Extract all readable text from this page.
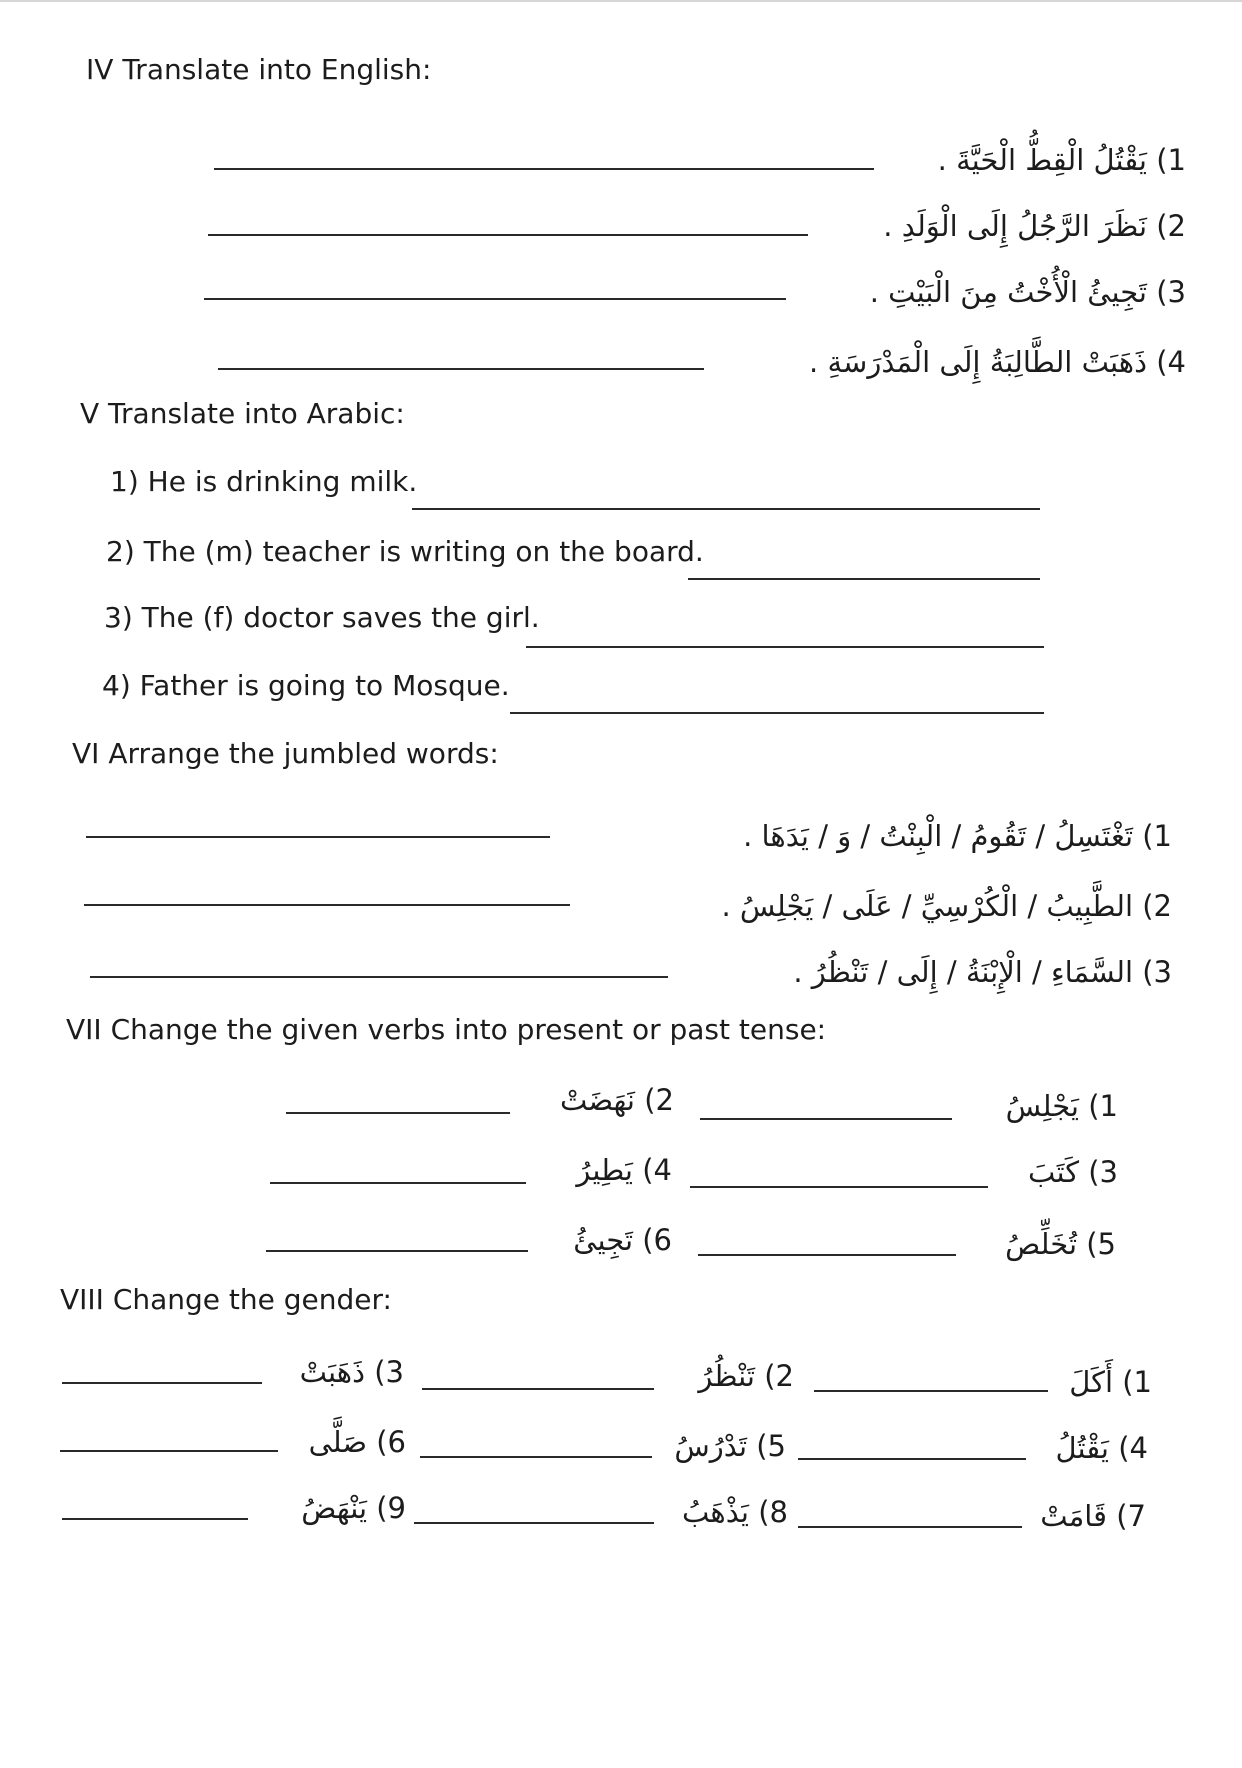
IV Translate into English:
1) يَقْتُلُ الْقِطُّ الْحَيَّةَ .
2) نَظَرَ الرَّجُلُ إِلَى الْوَلَدِ .
3) تَجِيئُ الْأُخْتُ مِنَ الْبَيْتِ .
4) ذَهَبَتْ الطَّالِبَةُ إِلَى الْمَدْرَسَةِ .
V Translate into Arabic:
1) He is drinking milk.
2) The (m) teacher is writing on the board.
3) The (f) doctor saves the girl.
4) Father is going to Mosque.
VI Arrange the jumbled words:
1) تَغْتَسِلُ / تَقُومُ / الْبِنْتُ / وَ / يَدَهَا .
2) الطَّبِيبُ / الْكُرْسِيِّ / عَلَى / يَجْلِسُ .
3) السَّمَاءِ / الْإِبْنَةُ / إِلَى / تَنْظُرُ .
VII Change the given verbs into present or past tense:
1) يَجْلِسُ
2) نَهَضَتْ
3) كَتَبَ
4) يَطِيرُ
5) تُخَلِّصُ
6) تَجِيئُ
VIII Change the gender:
1) أَكَلَ
2) تَنْظُرُ
3) ذَهَبَتْ
4) يَقْتُلُ
5) تَدْرُسُ
6) صَلَّى
7) قَامَتْ
8) يَذْهَبُ
9) يَنْهَضُ
